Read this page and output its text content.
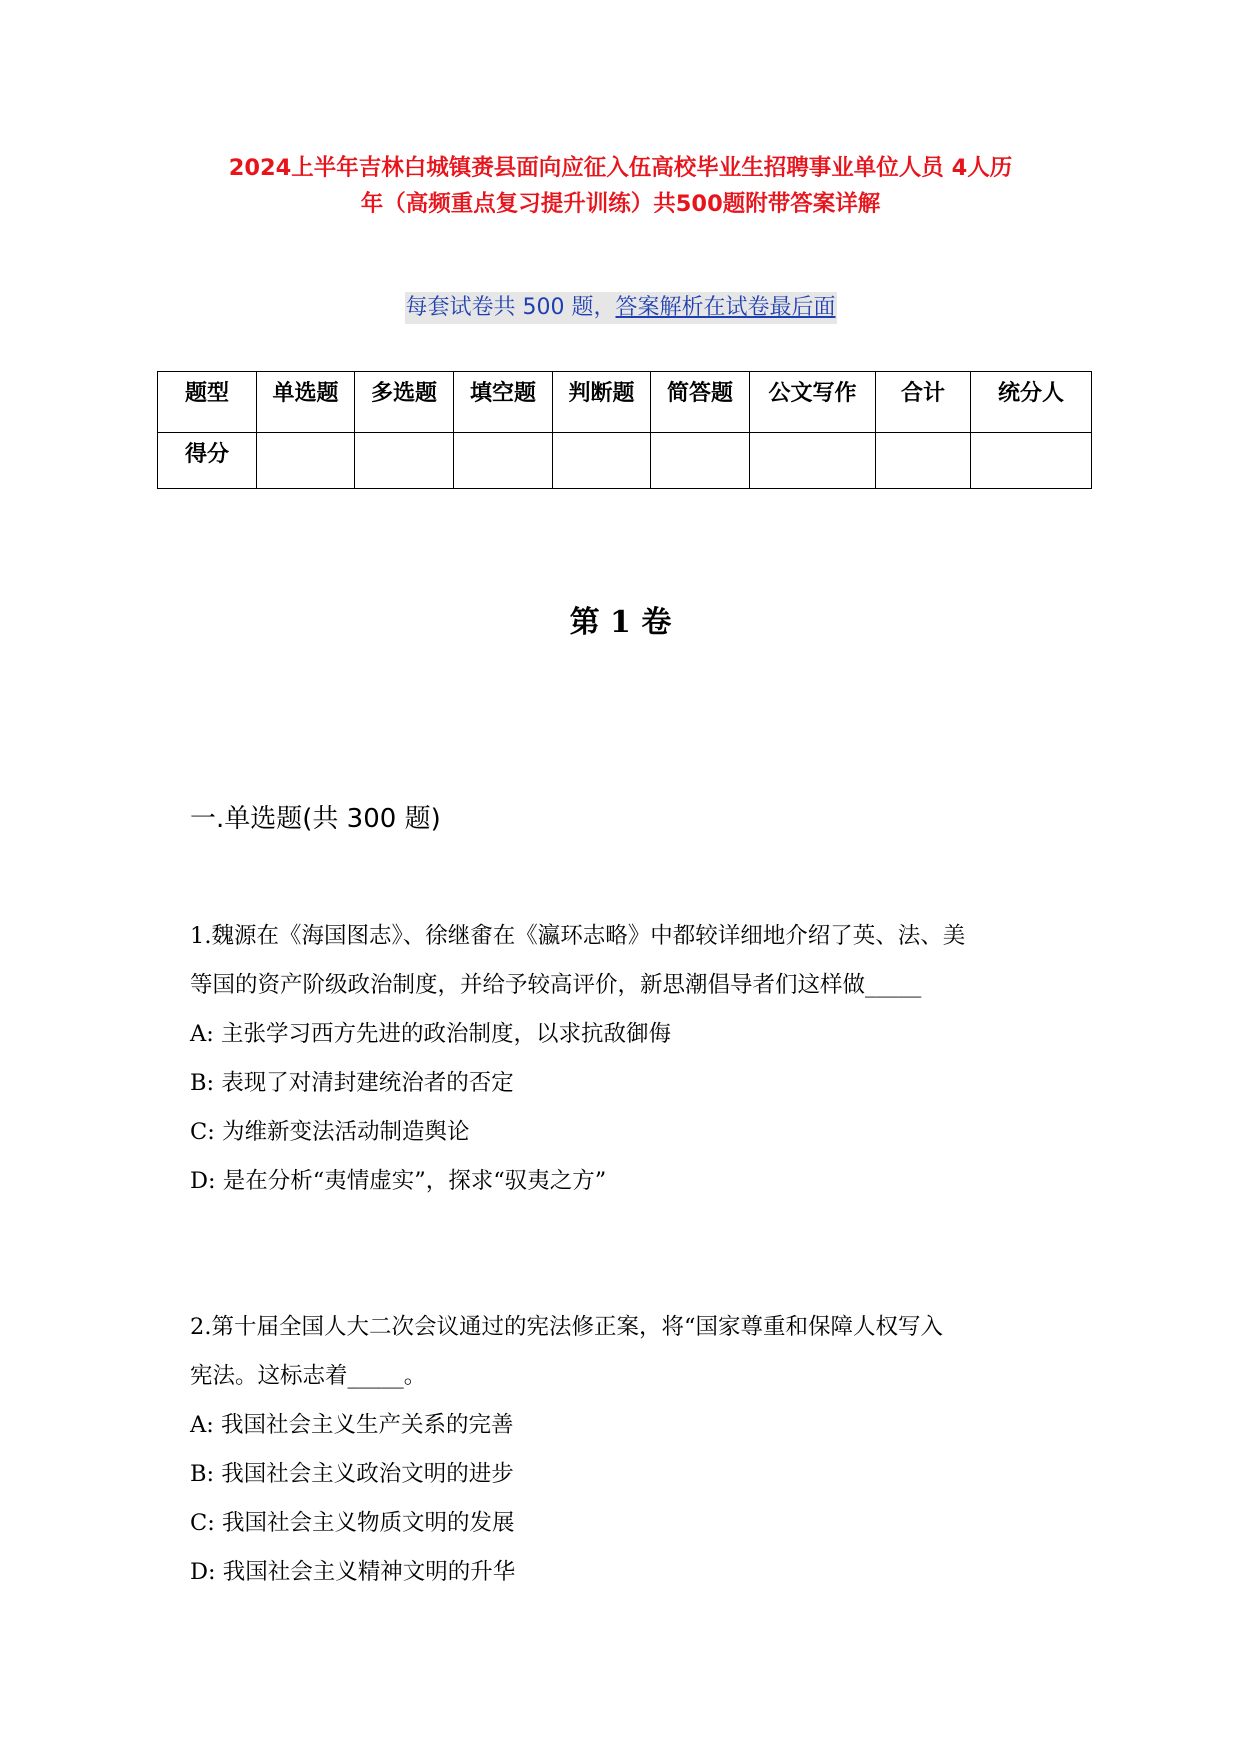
2024上半年吉林白城镇赉县面向应征入伍高校毕业生招聘事业单位人员 4人历
年（高频重点复习提升训练）共500题附带答案详解
每套试卷共 500 题，答案解析在试卷最后面
题型	单选题	多选题	填空题	判断题	简答题	公文写作	合计	统分人
得分								
第 1 卷
一.单选题(共 300 题)
1.魏源在《海国图志》、徐继畬在《瀛环志略》中都较详细地介绍了英、法、美
等国的资产阶级政治制度，并给予较高评价，新思潮倡导者们这样做_____
A: 主张学习西方先进的政治制度，以求抗敌御侮
B: 表现了对清封建统治者的否定
C: 为维新变法活动制造舆论
D: 是在分析“夷情虚实”，探求“驭夷之方”
2.第十届全国人大二次会议通过的宪法修正案，将“国家尊重和保障人权写入
宪法。这标志着_____。
A: 我国社会主义生产关系的完善
B: 我国社会主义政治文明的进步
C: 我国社会主义物质文明的发展
D: 我国社会主义精神文明的升华
